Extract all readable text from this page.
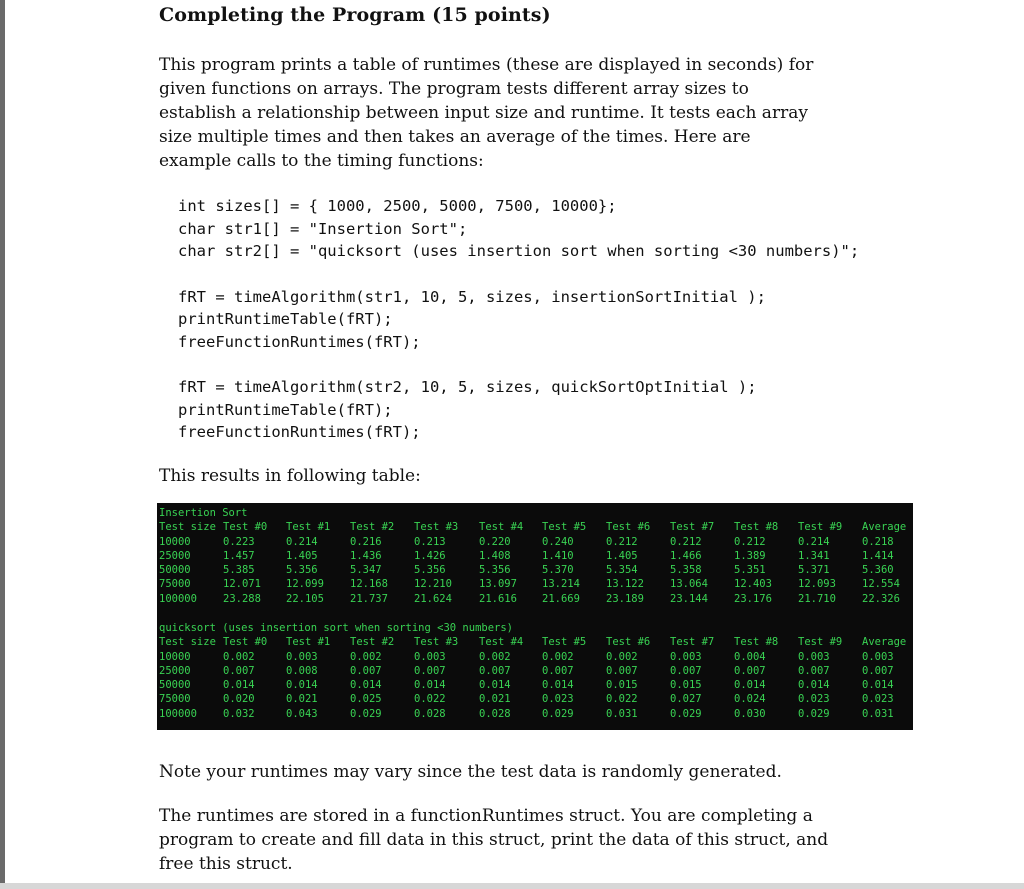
Completing the Program (15 points)

This program prints a table of runtimes (these are displayed in seconds) for given functions on arrays. The program tests different array sizes to establish a relationship between input size and runtime. It tests each array size multiple times and then takes an average of the times. Here are example calls to the timing functions:

int sizes[] = { 1000, 2500, 5000, 7500, 10000};
char str1[] = "Insertion Sort";
char str2[] = "quicksort (uses insertion sort when sorting <30 numbers)";
fRT = timeAlgorithm(str1, 10, 5, sizes, insertionSortInitial );
printRuntimeTable(fRT);
freeFunctionRuntimes(fRT);
fRT = timeAlgorithm(str2, 10, 5, sizes, quickSortOptInitial );
printRuntimeTable(fRT);
freeFunctionRuntimes(fRT);

This results in following table:

Note your runtimes may vary since the test data is randomly generated.

The runtimes are stored in a functionRuntimes struct. You are completing a program to create and fill data in this struct, print the data of this struct, and free this struct.

Insertion Sort
Test size Test #0 Test #1 Test #2 Test #3 Test #4 Test #5 Test #6 Test #7 Test #8 Test #9 Average
10000	0.223	0.214	0.216	0.213	0.220	0.240	0.212	0.212	0.212	0.214	0.218
25000	1.457	1.405	1.436	1.426	1.408	1.410	1.405	1.466	1.389	1.341	1.414
50000	5.385	5.356	5.347	5.356	5.356	5.370	5.354	5.358	5.351	5.371	5.360
75000	12.071 12.099 12.168 12.210	13.097 13.214 13.122 13.064 12.403 12.093 12.554
100000 23.288 22.105 21.737 21.624	21.616 21.669 23.189 23.144 23.176 21.710 22.326
quicksort (uses insertion sort when sorting <30 numbers)
Test size Test #0 Test #1 Test #2 Test #3 Test #4 Test #5 Test #6 Test #7 Test #8 Test #9 Average
10000	0.002	0.003	0.002	0.003	0.002	0.002	0.002	0.003	0.004	0.003	0.003
25000	0.007	0.008	0.007	0.007	0.007	0.007	0.007	0.007	0.007	0.007	0.007
50000	0.014	0.014	0.014	0.014	0.014	0.014	0.015	0.015	0.014	0.014	0.014
75000	0.020	0.021	0.025	0.022	0.021	0.023	0.022	0.027	0.024	0.023	0.023
100000 0.032	0.043	0.029	0.028	0.028	0.029	0.031	0.029	0.030	0.029	0.031
